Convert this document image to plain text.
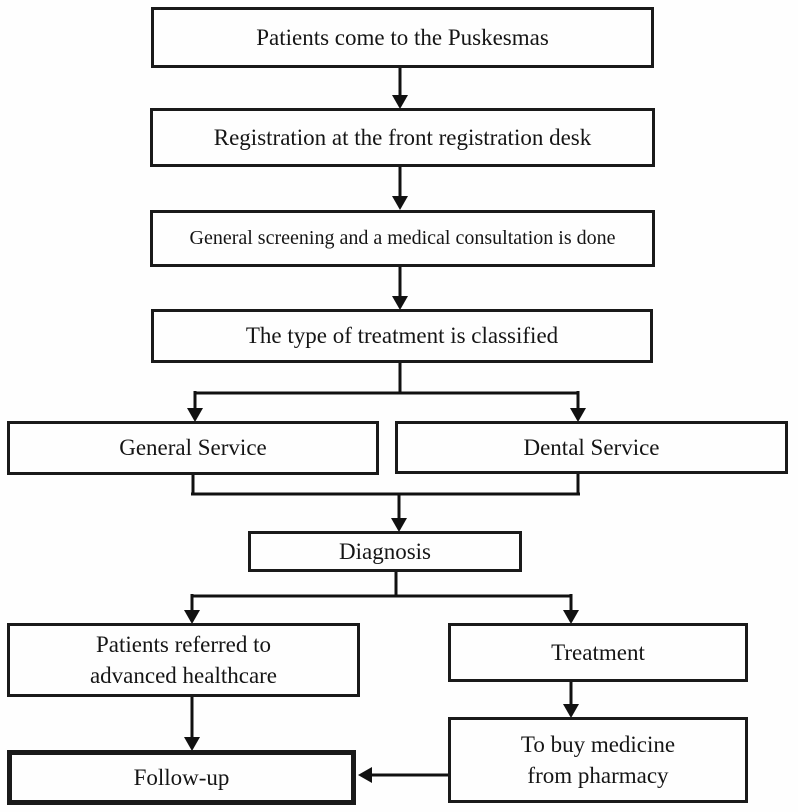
Patients come to the Puskesmas
Registration at the front registration desk
General screening and a medical consultation is done
The type of treatment is classified
General Service	Dental Service
Diagnosis
Patients referred to
advanced healthcare
Treatment
To buy medicine
from pharmacy
Follow-up
